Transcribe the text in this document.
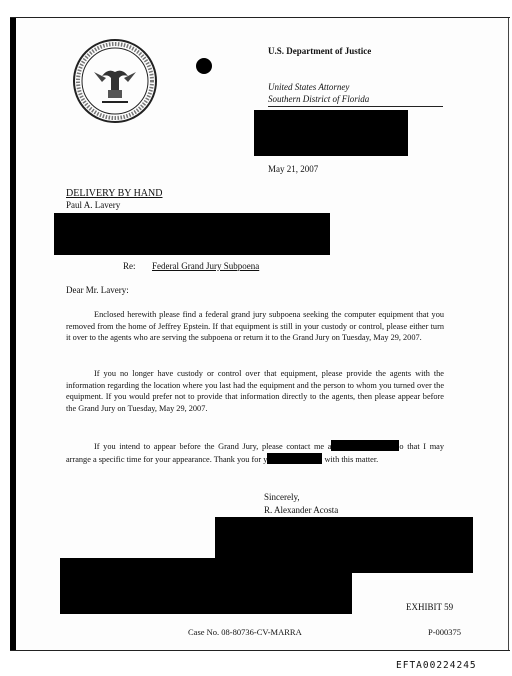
U.S. Department of Justice
United States Attorney
Southern District of Florida
May 21, 2007
DELIVERY BY HAND
Paul A. Lavery
Re: Federal Grand Jury Subpoena
Dear Mr. Lavery:
Enclosed herewith please find a federal grand jury subpoena seeking the computer equipment that you removed from the home of Jeffrey Epstein. If that equipment is still in your custody or control, please either turn it over to the agents who are serving the subpoena or return it to the Grand Jury on Tuesday, May 29, 2007.
If you no longer have custody or control over that equipment, please provide the agents with the information regarding the location where you last had the equipment and the person to whom you turned over the equipment. If you would prefer not to provide that information directly to the agents, then please appear before the Grand Jury on Tuesday, May 29, 2007.
If you intend to appear before the Grand Jury, please contact me a	o that I may arrange a specific time for your appearance. Thank you for y	with this matter.
Sincerely,
R. Alexander Acosta
EXHIBIT 59
Case No. 08-80736-CV-MARRA	P-000375
EFTA00224245
